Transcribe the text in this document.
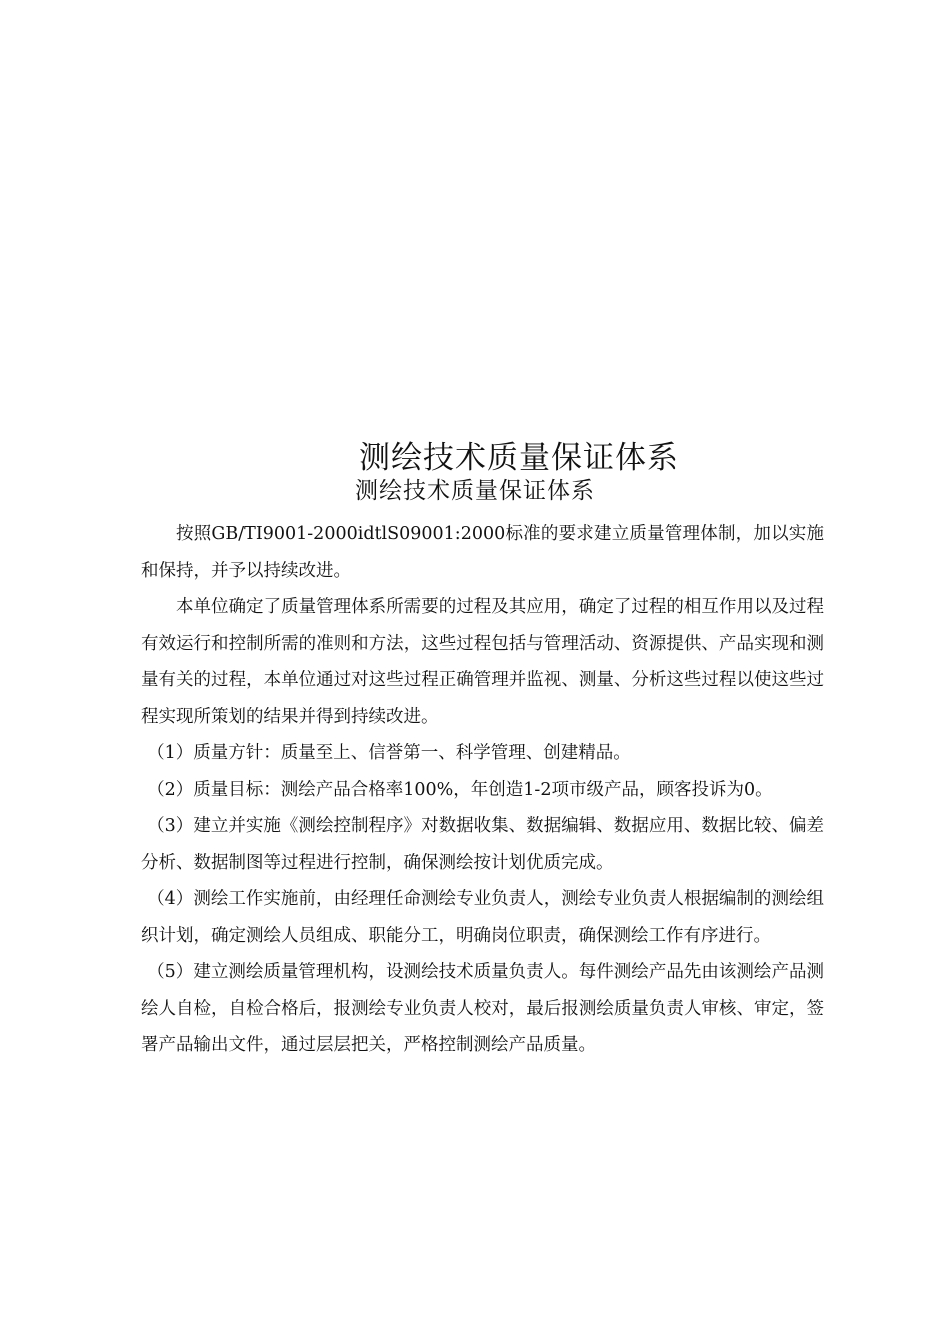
测绘技术质量保证体系
测绘技术质量保证体系

按照GB/TI9001-2000idtlS09001:2000标准的要求建立质量管理体制，加以实施和保持，并予以持续改进。

本单位确定了质量管理体系所需要的过程及其应用，确定了过程的相互作用以及过程有效运行和控制所需的准则和方法，这些过程包括与管理活动、资源提供、产品实现和测量有关的过程，本单位通过对这些过程正确管理并监视、测量、分析这些过程以使这些过程实现所策划的结果并得到持续改进。

（1）质量方针：质量至上、信誉第一、科学管理、创建精品。

（2）质量目标：测绘产品合格率100%，年创造1-2项市级产品，顾客投诉为0。

（3）建立并实施《测绘控制程序》对数据收集、数据编辑、数据应用、数据比较、偏差分析、数据制图等过程进行控制，确保测绘按计划优质完成。

（4）测绘工作实施前，由经理任命测绘专业负责人，测绘专业负责人根据编制的测绘组织计划，确定测绘人员组成、职能分工，明确岗位职责，确保测绘工作有序进行。

（5）建立测绘质量管理机构，设测绘技术质量负责人。每件测绘产品先由该测绘产品测绘人自检，自检合格后，报测绘专业负责人校对，最后报测绘质量负责人审核、审定，签署产品输出文件，通过层层把关，严格控制测绘产品质量。
